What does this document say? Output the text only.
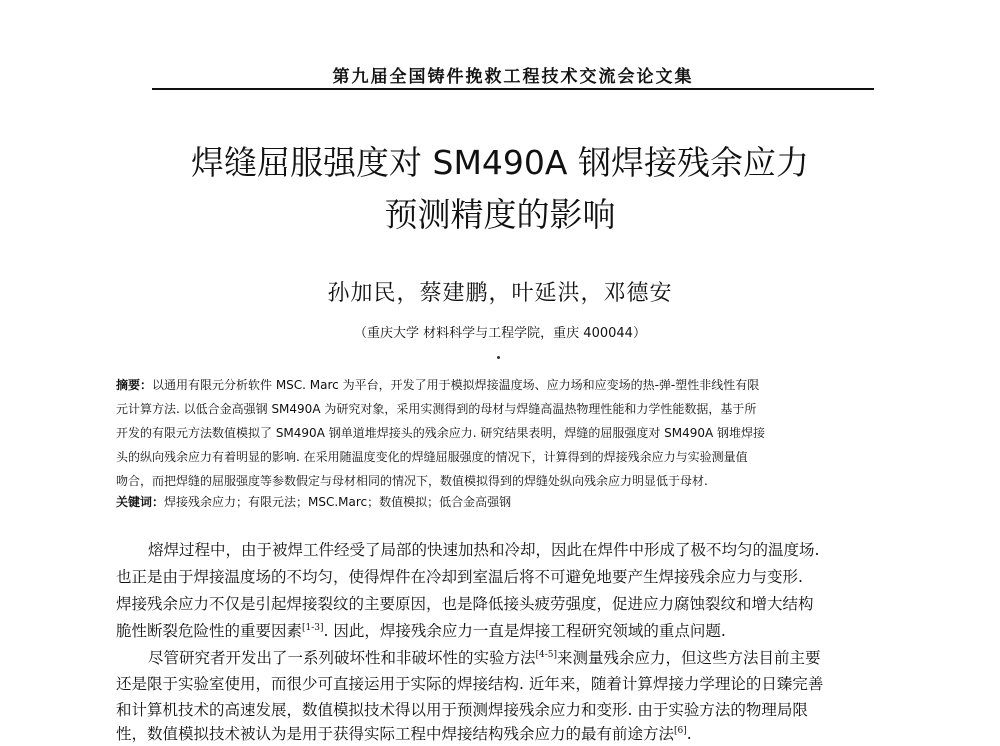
第九届全国铸件挽救工程技术交流会论文集
焊缝屈服强度对 SM490A 钢焊接残余应力
预测精度的影响
孙加民，蔡建鹏，叶延洪，邓德安
（重庆大学 材料科学与工程学院，重庆 400044）
摘要：以通用有限元分析软件 MSC. Marc 为平台，开发了用于模拟焊接温度场、应力场和应变场的热-弹-塑性非线性有限
元计算方法. 以低合金高强钢 SM490A 为研究对象，采用实测得到的母材与焊缝高温热物理性能和力学性能数据，基于所
开发的有限元方法数值模拟了 SM490A 钢单道堆焊接头的残余应力. 研究结果表明，焊缝的屈服强度对 SM490A 钢堆焊接
头的纵向残余应力有着明显的影响. 在采用随温度变化的焊缝屈服强度的情况下，计算得到的焊接残余应力与实验测量值
吻合，而把焊缝的屈服强度等参数假定与母材相同的情况下，数值模拟得到的焊缝处纵向残余应力明显低于母材.
关键词：焊接残余应力；有限元法；MSC.Marc；数值模拟；低合金高强钢
熔焊过程中，由于被焊工件经受了局部的快速加热和冷却，因此在焊件中形成了极不均匀的温度场.
也正是由于焊接温度场的不均匀，使得焊件在冷却到室温后将不可避免地要产生焊接残余应力与变形.
焊接残余应力不仅是引起焊接裂纹的主要原因，也是降低接头疲劳强度，促进应力腐蚀裂纹和增大结构
脆性断裂危险性的重要因素[1-3]. 因此，焊接残余应力一直是焊接工程研究领域的重点问题.
尽管研究者开发出了一系列破坏性和非破坏性的实验方法[4-5]来测量残余应力，但这些方法目前主要
还是限于实验室使用，而很少可直接运用于实际的焊接结构. 近年来，随着计算焊接力学理论的日臻完善
和计算机技术的高速发展，数值模拟技术得以用于预测焊接残余应力和变形. 由于实验方法的物理局限
性，数值模拟技术被认为是用于获得实际工程中焊接结构残余应力的最有前途方法[6].
